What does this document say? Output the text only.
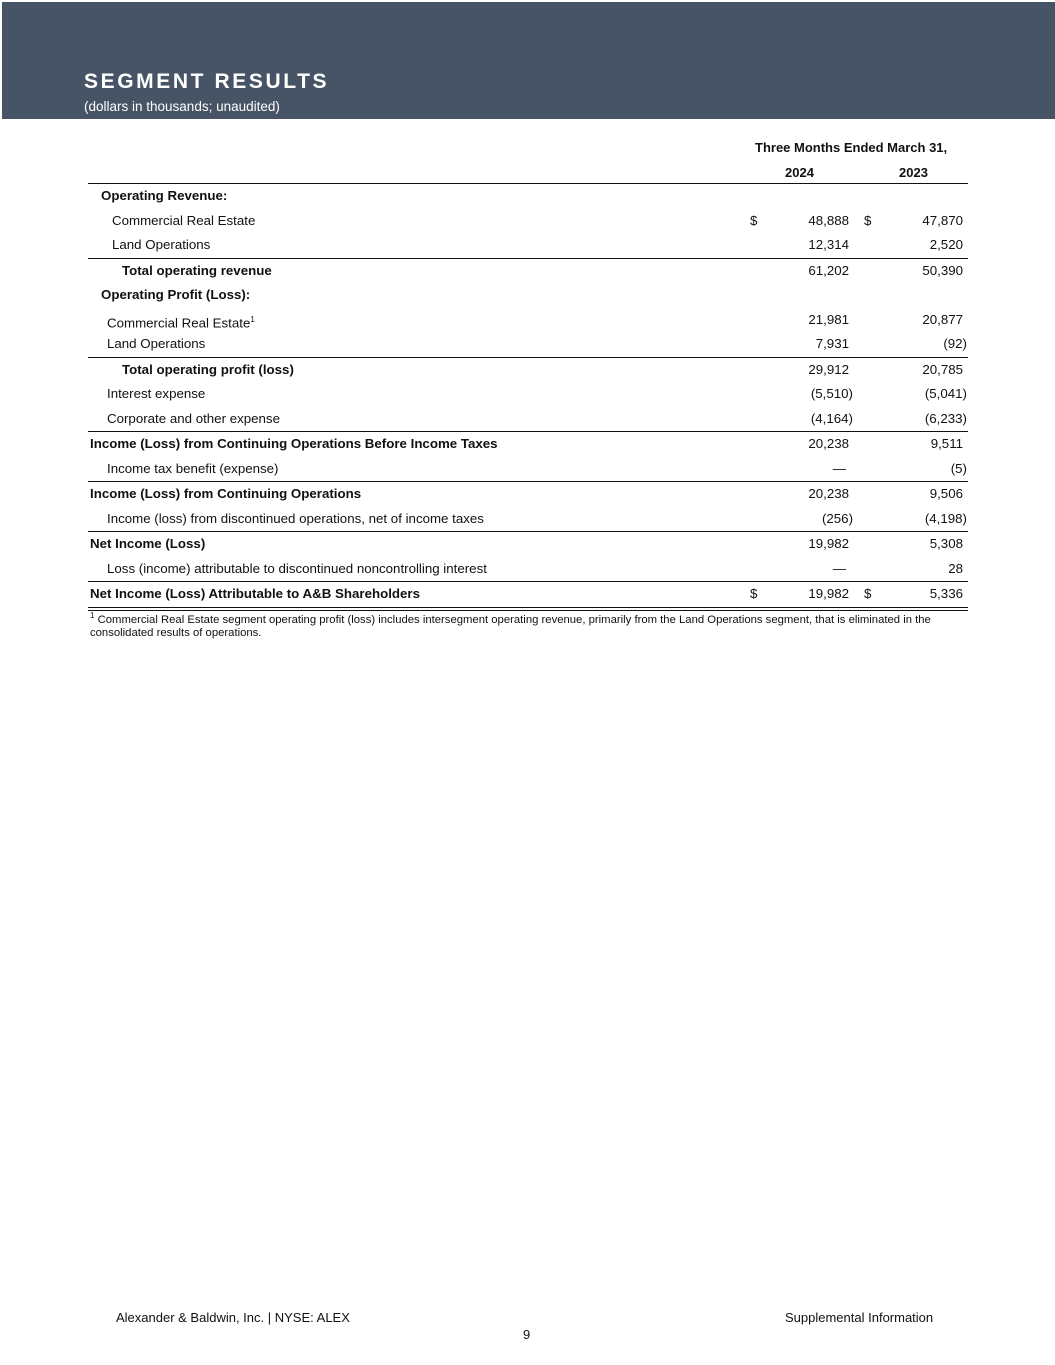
SEGMENT RESULTS
(dollars in thousands; unaudited)
Three Months Ended March 31,
2024	2023
Operating Revenue:
Commercial Real Estate	$	48,888 $	47,870
Land Operations	12,314	2,520
Total operating revenue	61,202	50,390
Operating Profit (Loss):
Commercial Real Estate$^1$	21,981	20,877
Land Operations	7,931	(92)
Total operating profit (loss)	29,912	20,785
Interest expense	(5,510)	(5,041)
Corporate and other expense	(4,164)	(6,233)
Income (Loss) from Continuing Operations Before Income Taxes	20,238	9,511
Income tax benefit (expense)	—	(5)
Income (Loss) from Continuing Operations	20,238	9,506
Income (loss) from discontinued operations, net of income taxes	(256)	(4,198)
Net Income (Loss)	19,982	5,308
Loss (income) attributable to discontinued noncontrolling interest	—	28
Net Income (Loss) Attributable to A&B Shareholders	$	19,982 $	5,336
$^1$ Commercial Real Estate segment operating profit (loss) includes intersegment operating revenue, primarily from the Land Operations segment, that is eliminated in the consolidated results of operations.
Alexander & Baldwin, Inc. | NYSE: ALEX	Supplemental Information
9
